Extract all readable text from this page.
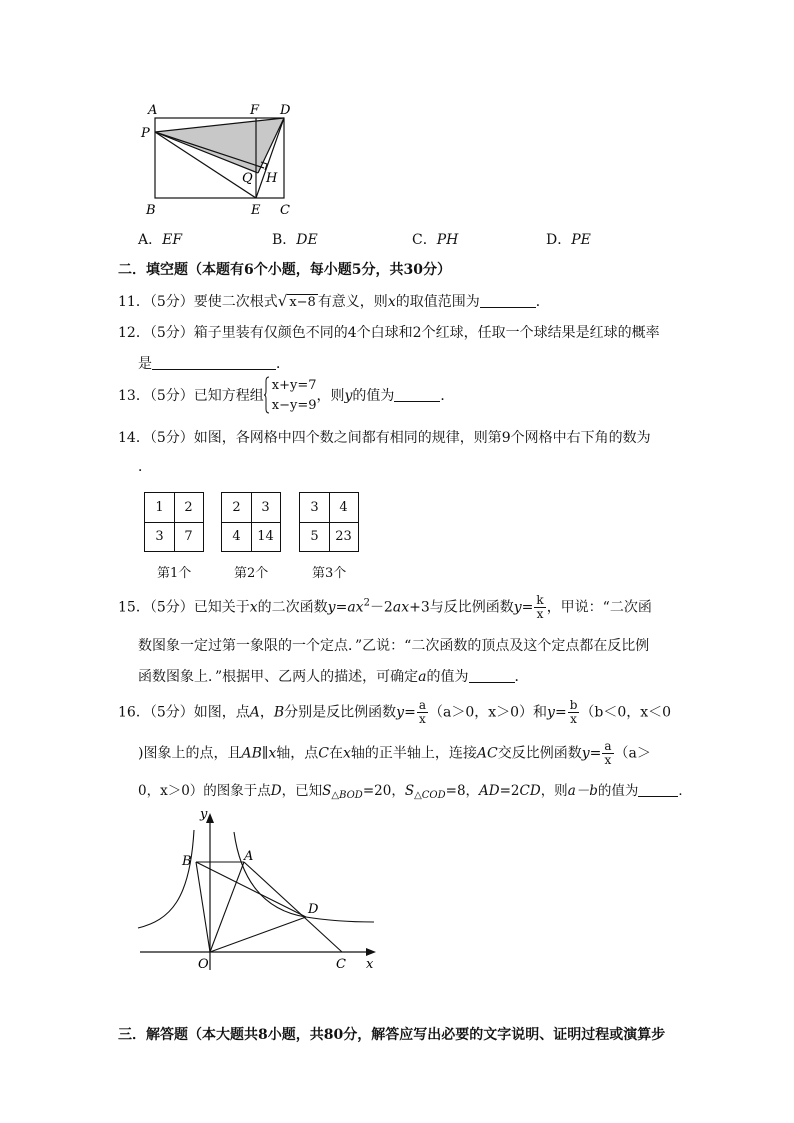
A	F D
P
Q H
B	E C
A．EF	B．DE	C．PH	D．PE
二．填空题（本题有6个小题，每小题5分，共30分）
11．（5分）要使二次根式√ x−8 有意义，则x的取值范围为	．
12．（5分）箱子里装有仅颜色不同的4个白球和2个红球，任取一个球结果是红球的概率
是	．
13．（5分）已知方程组
x+y=7
x−y=9
，则y的值为	．
14．（5分）如图，各网格中四个数之间都有相同的规律，则第9个网格中右下角的数为
．
1	2
3	7
2	3
4	14
3	4
5	23
第1个	第2个	第3个
15．（5分）已知关于x的二次函数$y=ax^2-2ax+3$与反比例函数$y= \frac{k}{x}$ ，甲说：“二次函
数图象一定过第一象限的一个定点．”乙说：“二次函数的顶点及这个定点都在反比例
函数图象上．”根据甲、乙两人的描述，可确定a的值为	．
16．（5分）如图，点A，B分别是反比例函数$y= \frac{a}{x} (a>0$，x＞0）和$y= \frac{b}{x} (b<0$，x＜0
)图象上的点，且AB∥x轴，点C在x轴的正半轴上，连接AC交反比例函数$y= \frac{a}{x} (a>$
0，x＞0）的图象于点D，已知$S_{\triangle BOD}=20$，$S_{\triangle COD}=8$，AD=2CD，则a－b的值为	．
y
x
B	A
D
O	C
三．解答题（本大题共8小题，共80分，解答应写出必要的文字说明、证明过程或演算步
